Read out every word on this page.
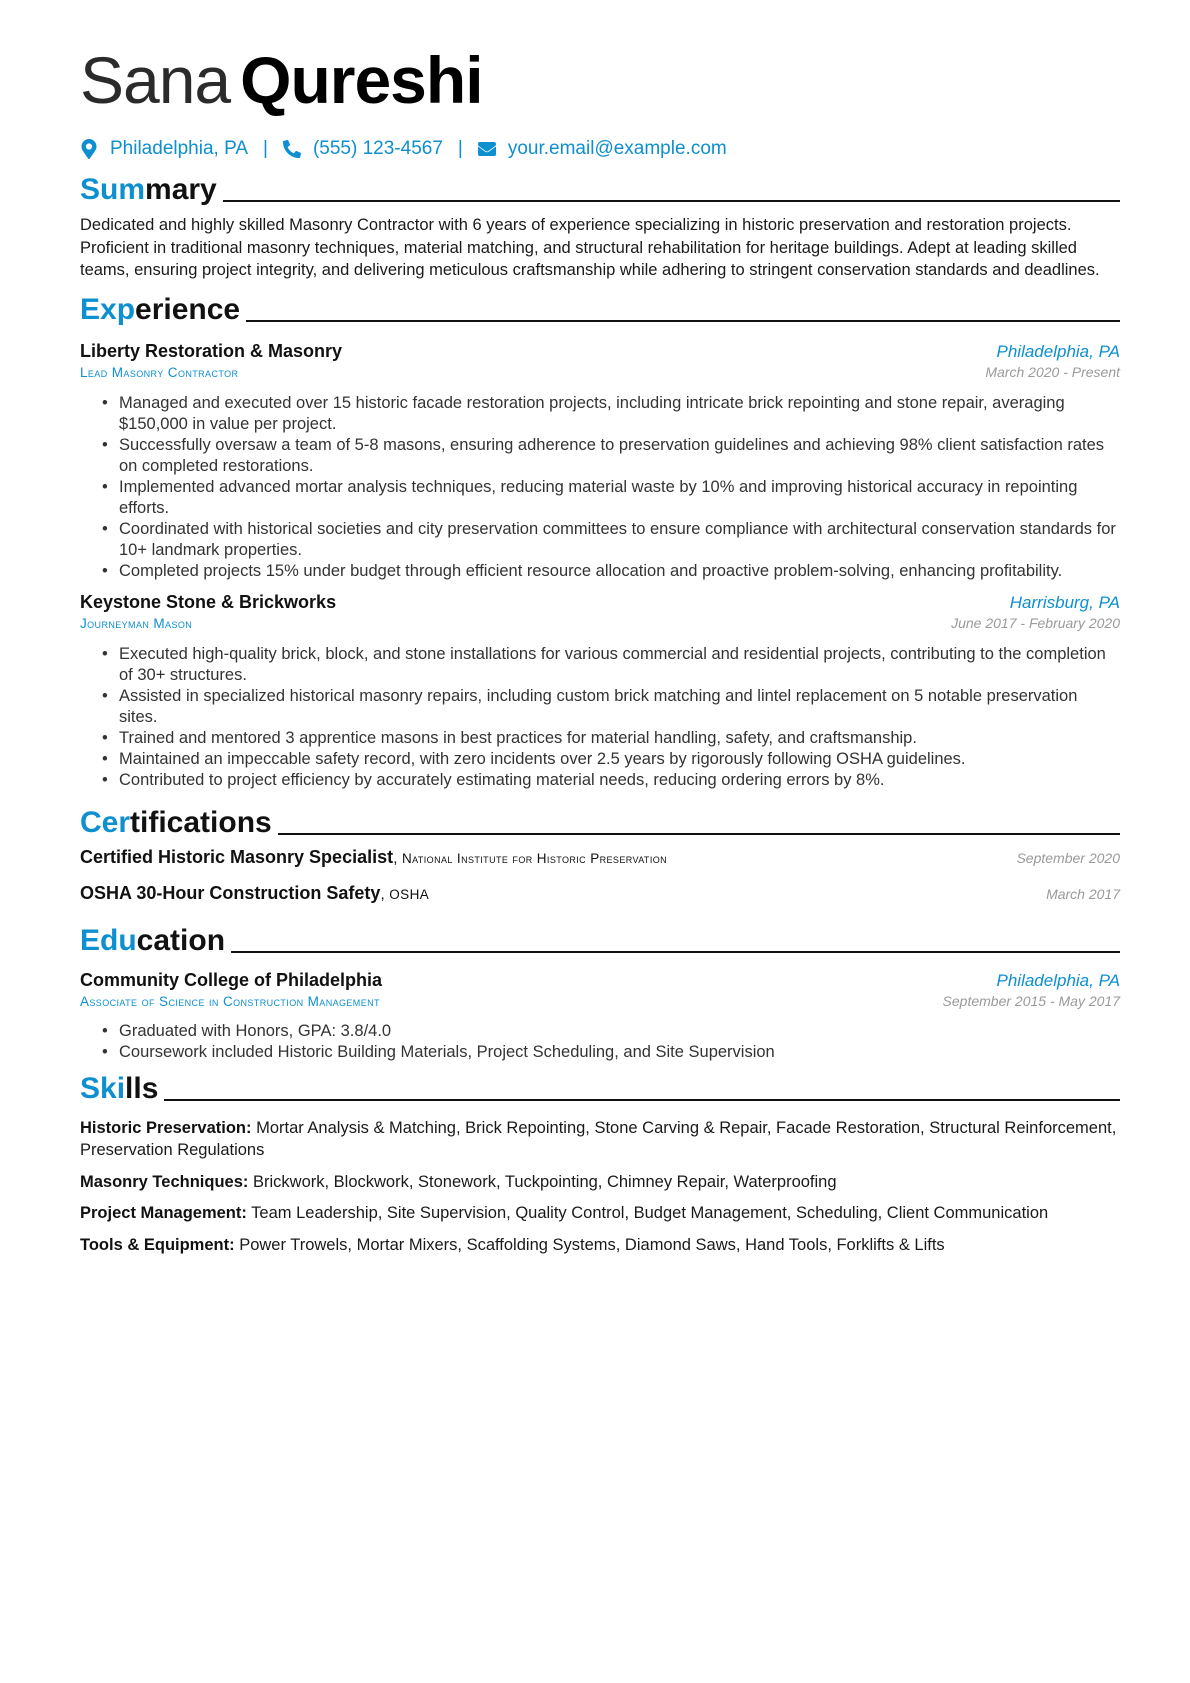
Sana Qureshi
Philadelphia, PA | (555) 123-4567 | your.email@example.com
Summary

Dedicated and highly skilled Masonry Contractor with 6 years of experience specializing in historic preservation and restoration projects. Proficient in traditional masonry techniques, material matching, and structural rehabilitation for heritage buildings. Adept at leading skilled teams, ensuring project integrity, and delivering meticulous craftsmanship while adhering to stringent conservation standards and deadlines.

Experience
Liberty Restoration & Masonry	Philadelphia, PA
Lead Masonry Contractor	March 2020 - Present
• Managed and executed over 15 historic facade restoration projects, including intricate brick repointing and stone repair, averaging $150,000 in value per project.
• Successfully oversaw a team of 5-8 masons, ensuring adherence to preservation guidelines and achieving 98% client satisfaction rates on completed restorations.
• Implemented advanced mortar analysis techniques, reducing material waste by 10% and improving historical accuracy in repointing efforts.
• Coordinated with historical societies and city preservation committees to ensure compliance with architectural conservation standards for 10+ landmark properties.
• Completed projects 15% under budget through efficient resource allocation and proactive problem-solving, enhancing profitability.
Keystone Stone & Brickworks	Harrisburg, PA
Journeyman Mason	June 2017 - February 2020
• Executed high-quality brick, block, and stone installations for various commercial and residential projects, contributing to the completion of 30+ structures.
• Assisted in specialized historical masonry repairs, including custom brick matching and lintel replacement on 5 notable preservation sites.
• Trained and mentored 3 apprentice masons in best practices for material handling, safety, and craftsmanship.
• Maintained an impeccable safety record, with zero incidents over 2.5 years by rigorously following OSHA guidelines.
• Contributed to project efficiency by accurately estimating material needs, reducing ordering errors by 8%.
Certifications
Certified Historic Masonry Specialist, National Institute for Historic Preservation	September 2020
OSHA 30-Hour Construction Safety, OSHA	March 2017
Education
Community College of Philadelphia	Philadelphia, PA
Associate of Science in Construction Management	September 2015 - May 2017
• Graduated with Honors, GPA: 3.8/4.0
• Coursework included Historic Building Materials, Project Scheduling, and Site Supervision
Skills

Historic Preservation: Mortar Analysis & Matching, Brick Repointing, Stone Carving & Repair, Facade Restoration, Structural Reinforcement, Preservation Regulations

Masonry Techniques: Brickwork, Blockwork, Stonework, Tuckpointing, Chimney Repair, Waterproofing

Project Management: Team Leadership, Site Supervision, Quality Control, Budget Management, Scheduling, Client Communication

Tools & Equipment: Power Trowels, Mortar Mixers, Scaffolding Systems, Diamond Saws, Hand Tools, Forklifts & Lifts
